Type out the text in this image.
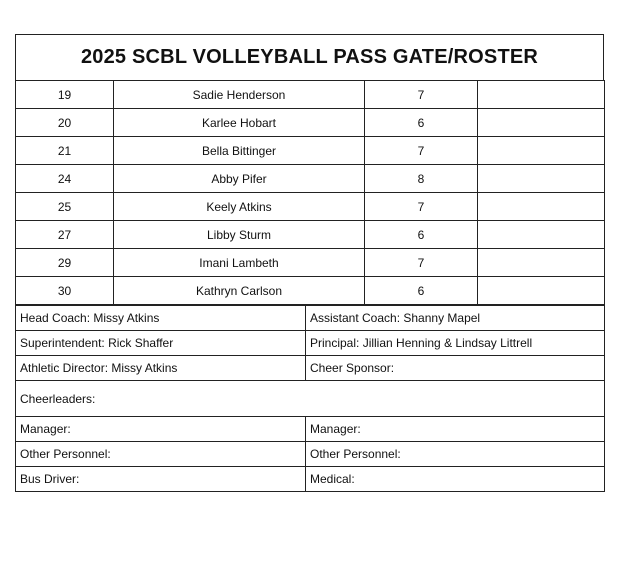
2025 SCBL VOLLEYBALL PASS GATE/ROSTER
19	Sadie Henderson	7	
20	Karlee Hobart	6	
21	Bella Bittinger	7	
24	Abby Pifer	8	
25	Keely Atkins	7	
27	Libby Sturm	6	
29	Imani Lambeth	7	
30	Kathryn Carlson	6	
Head Coach: Missy Atkins	Assistant Coach: Shanny Mapel
Superintendent: Rick Shaffer	Principal: Jillian Henning & Lindsay Littrell
Athletic Director: Missy Atkins	Cheer Sponsor:
Cheerleaders:	
Manager:	Manager:
Other Personnel:	Other Personnel:
Bus Driver:	Medical:
